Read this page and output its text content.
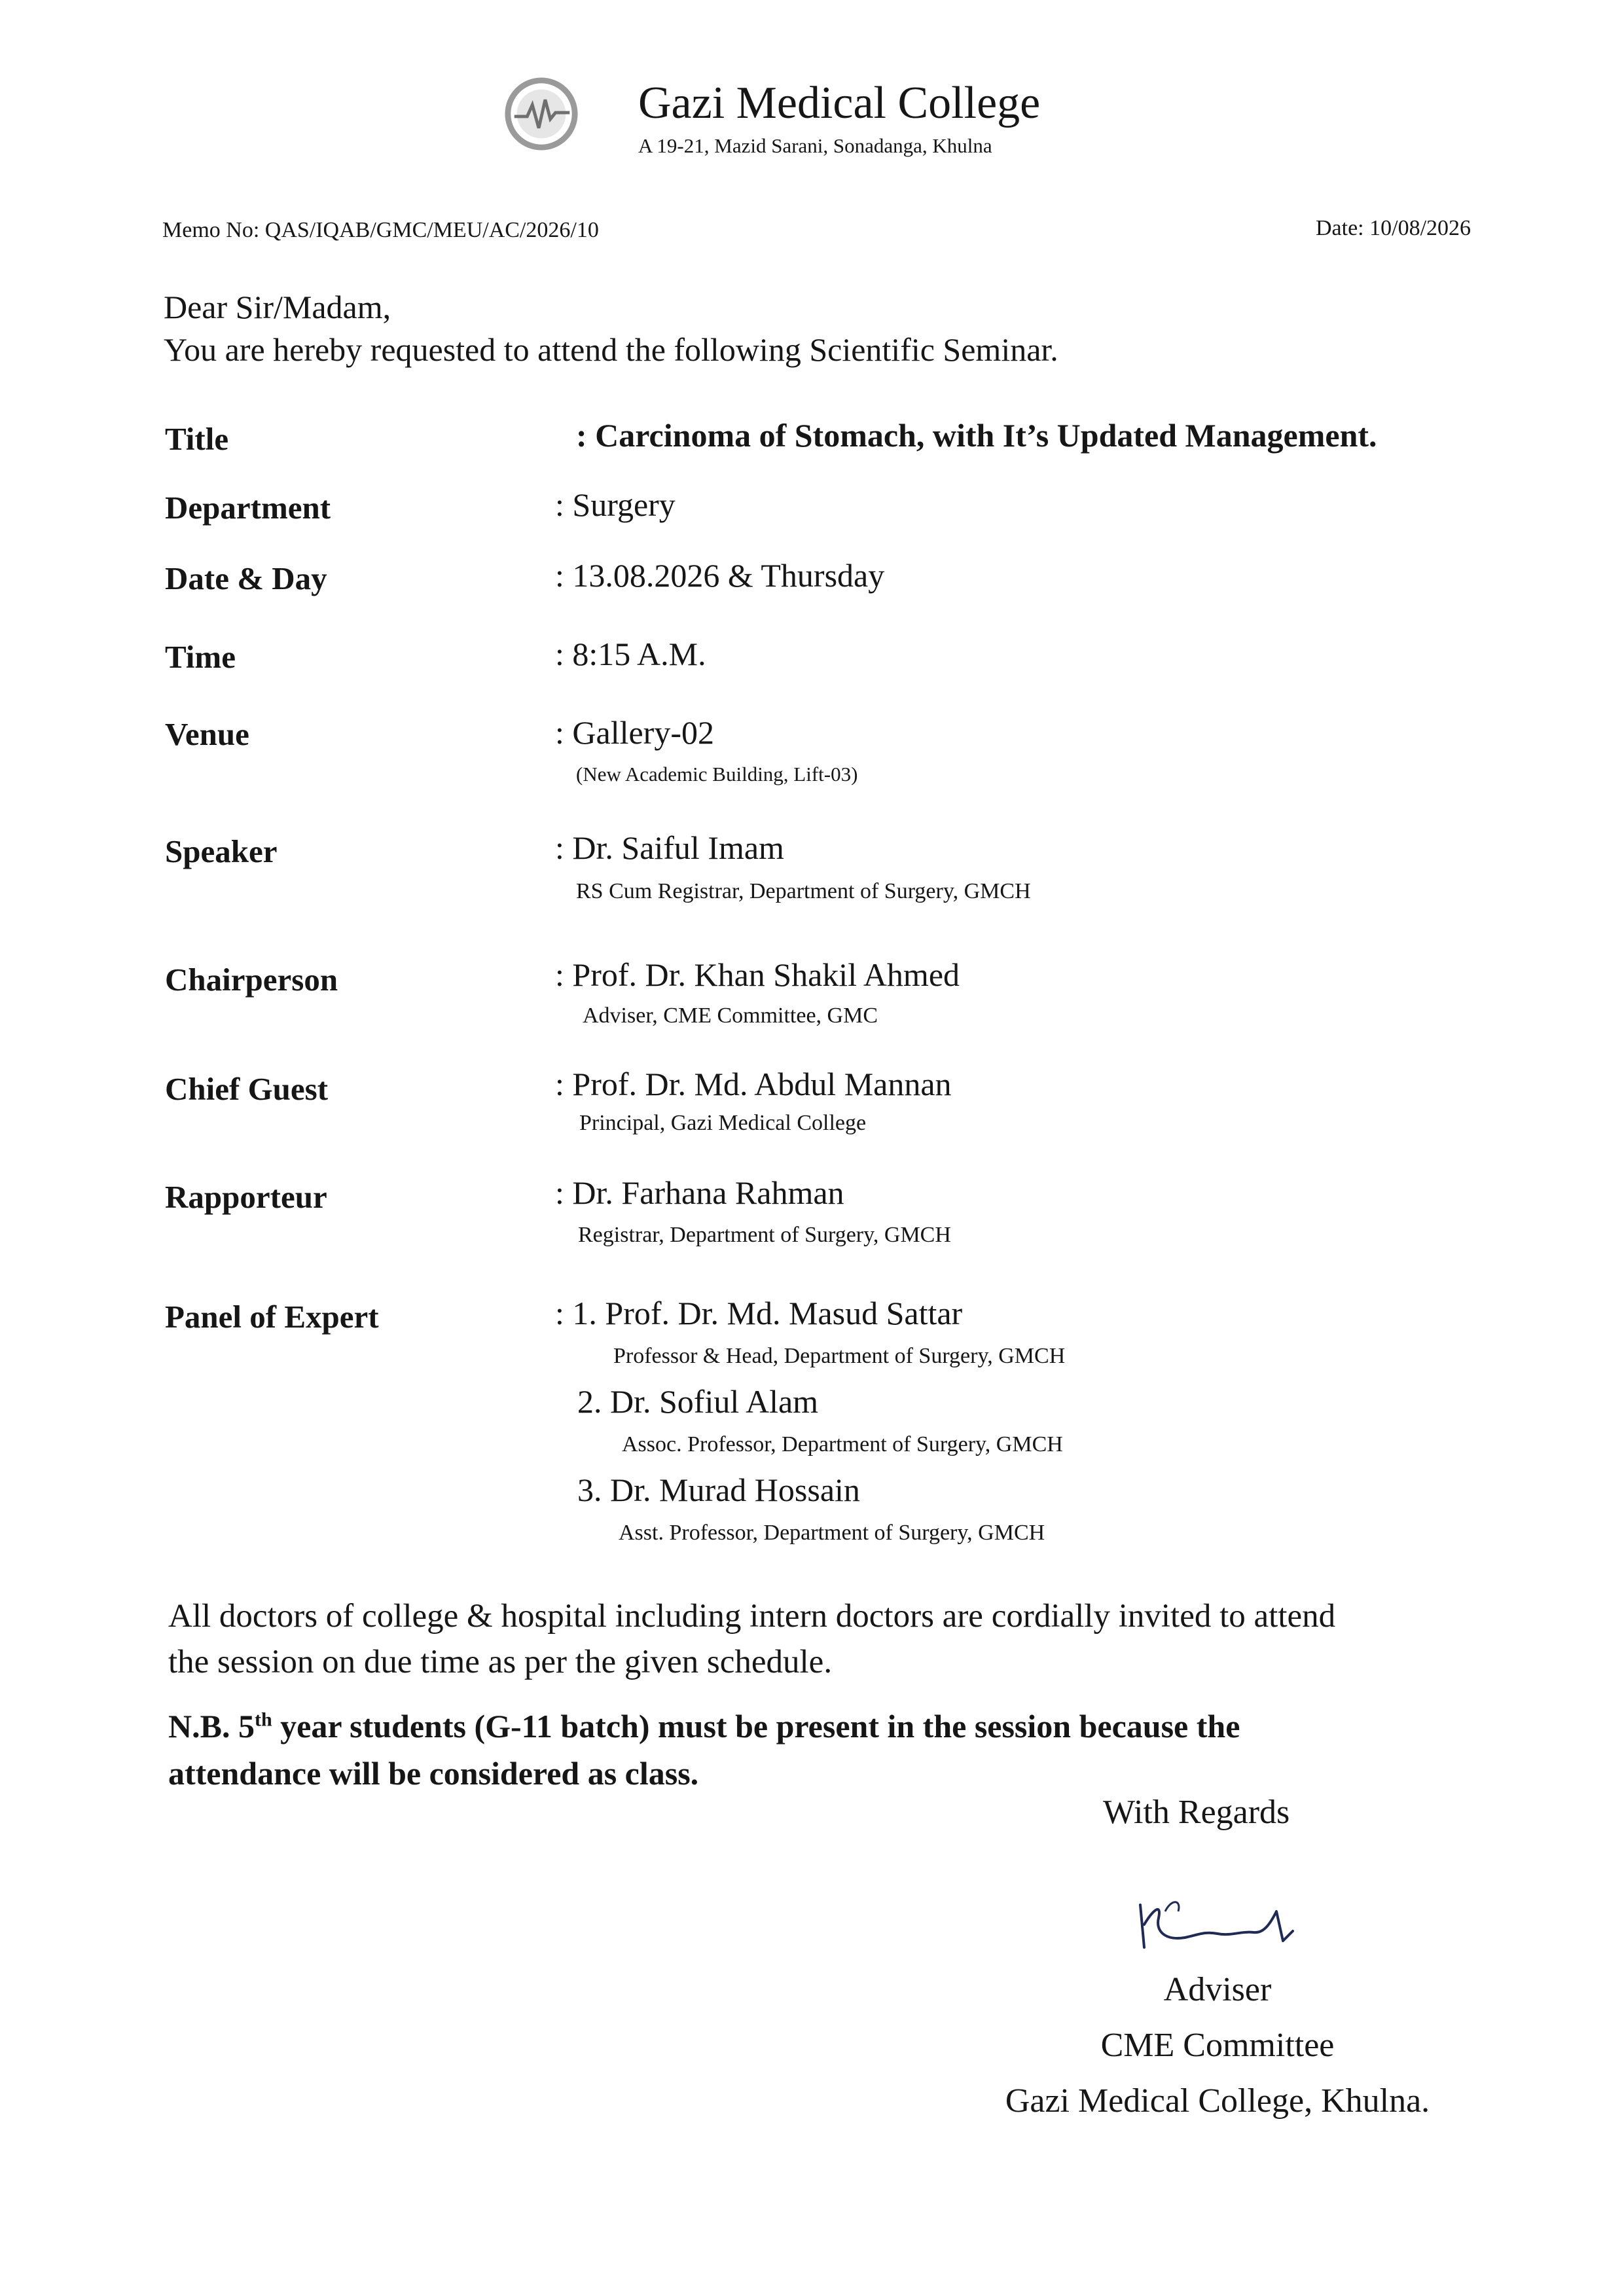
Gazi Medical College
A 19-21, Mazid Sarani, Sonadanga, Khulna
Memo No: QAS/IQAB/GMC/MEU/AC/2026/10	Date: 10/08/2026
Dear Sir/Madam,
You are hereby requested to attend the following Scientific Seminar.
Title	: Carcinoma of Stomach, with It’s Updated Management.
Department	: Surgery
Date & Day	: 13.08.2026 & Thursday
Time	: 8:15 A.M.
Venue	: Gallery-02
(New Academic Building, Lift-03)
Speaker	: Dr. Saiful Imam
RS Cum Registrar, Department of Surgery, GMCH
Chairperson	: Prof. Dr. Khan Shakil Ahmed
Adviser, CME Committee, GMC
Chief Guest	: Prof. Dr. Md. Abdul Mannan
Principal, Gazi Medical College
Rapporteur	: Dr. Farhana Rahman
Registrar, Department of Surgery, GMCH
Panel of Expert	: 1. Prof. Dr. Md. Masud Sattar
Professor & Head, Department of Surgery, GMCH
2. Dr. Sofiul Alam
Assoc. Professor, Department of Surgery, GMCH
3. Dr. Murad Hossain
Asst. Professor, Department of Surgery, GMCH
All doctors of college & hospital including intern doctors are cordially invited to attend
the session on due time as per the given schedule.
N.B. 5th year students (G-11 batch) must be present in the session because the
attendance will be considered as class.
With Regards
Adviser
CME Committee
Gazi Medical College, Khulna.
